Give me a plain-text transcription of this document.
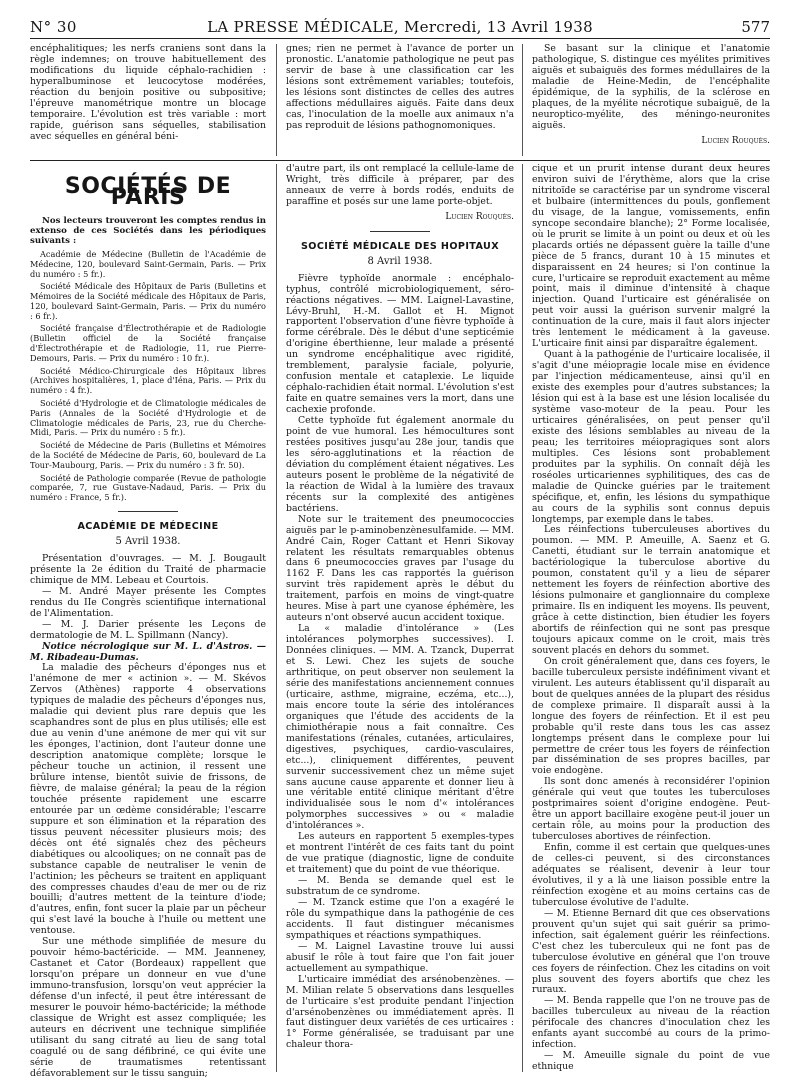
N° 30	LA PRESSE MÉDICALE, Mercredi, 13 Avril 1938	577

encéphalitiques; les nerfs craniens sont dans la règle indemnes; on trouve habituellement des modifications du liquide céphalo-rachidien : hyperalbuminose et leucocytose modérées, réaction du benjoin positive ou subpositive; l'épreuve manométrique montre un blocage temporaire. L'évolution est très variable : mort rapide, guérison sans séquelles, stabilisation avec séquelles en général béni-

gnes; rien ne permet à l'avance de porter un pronostic. L'anatomie pathologique ne peut pas servir de base à une classification car les lésions sont extrêmement variables; toutefois, les lésions sont distinctes de celles des autres affections médullaires aiguës. Faite dans deux cas, l'inoculation de la moelle aux animaux n'a pas reproduit de lésions pathognomoniques.

Se basant sur la clinique et l'anatomie pathologique, S. distingue ces myélites primitives aiguës et subaiguës des formes médullaires de la maladie de Heine-Medin, de l'encéphalite épidémique, de la syphilis, de la sclérose en plaques, de la myélite nécrotique subaiguë, de la neuroptico-myélite, des méningo-neuronites aiguës.

Lucien Rouquès.
SOCIÉTÉS DE PARIS

Nos lecteurs trouveront les comptes rendus in extenso de ces Sociétés dans les périodiques suivants :

Académie de Médecine (Bulletin de l'Académie de Médecine, 120, boulevard Saint-Germain, Paris. — Prix du numéro : 5 fr.).

Société Médicale des Hôpitaux de Paris (Bulletins et Mémoires de la Société médicale des Hôpitaux de Paris, 120, boulevard Saint-Germain, Paris. — Prix du numéro : 6 fr.).

Société française d'Électrothérapie et de Radiologie (Bulletin officiel de la Société française d'Électrothérapie et de Radiologie, 11, rue Pierre-Demours, Paris. — Prix du numéro : 10 fr.).

Société Médico-Chirurgicale des Hôpitaux libres (Archives hospitalières, 1, place d'Iéna, Paris. — Prix du numéro : 4 fr.).

Société d'Hydrologie et de Climatologie médicales de Paris (Annales de la Société d'Hydrologie et de Climatologie médicales de Paris, 23, rue du Cherche-Midi, Paris. — Prix du numéro : 5 fr.).

Société de Médecine de Paris (Bulletins et Mémoires de la Société de Médecine de Paris, 60, boulevard de La Tour-Maubourg, Paris. — Prix du numéro : 3 fr. 50).

Société de Pathologie comparée (Revue de pathologie comparée, 7, rue Gustave-Nadaud, Paris. — Prix du numéro : France, 5 fr.).

ACADÉMIE DE MÉDECINE
5 Avril 1938.

Présentation d'ouvrages. — M. J. Bougault présente la 2e édition du Traité de pharmacie chimique de MM. Lebeau et Courtois.

— M. André Mayer présente les Comptes rendus du IIe Congrès scientifique international de l'Alimentation.

— M. J. Darier présente les Leçons de dermatologie de M. L. Spillmann (Nancy).

Notice nécrologique sur M. L. d'Astros. — M. Ribadeau-Dumas.

La maladie des pêcheurs d'éponges nus et l'anémone de mer « actinion ». — M. Skévos Zervos (Athènes) rapporte 4 observations typiques de maladie des pêcheurs d'éponges nus, maladie qui devient plus rare depuis que les scaphandres sont de plus en plus utilisés; elle est due au venin d'une anémone de mer qui vit sur les éponges, l'actinion, dont l'auteur donne une description anatomique complète; lorsque le pêcheur touche un actinion, il ressent une brûlure intense, bientôt suivie de frissons, de fièvre, de malaise général; la peau de la région touchée présente rapidement une escarre entourée par un œdème considérable; l'escarre suppure et son élimination et la réparation des tissus peuvent nécessiter plusieurs mois; des décès ont été signalés chez des pêcheurs diabétiques ou alcooliques; on ne connaît pas de substance capable de neutraliser le venin de l'actinion; les pêcheurs se traitent en appliquant des compresses chaudes d'eau de mer ou de riz bouilli; d'autres mettent de la teinture d'iode; d'autres, enfin, font sucer la plaie par un pêcheur qui s'est lavé la bouche à l'huile ou mettent une ventouse.

Sur une méthode simplifiée de mesure du pouvoir hémo-bactéricide. — MM. Jeanneney, Castanet et Cator (Bordeaux) rappellent que lorsqu'on prépare un donneur en vue d'une immuno-transfusion, lorsqu'on veut apprécier la défense d'un infecté, il peut être intéressant de mesurer le pouvoir hémo-bactéricide; la méthode classique de Wright est assez compliquée; les auteurs en décrivent une technique simplifiée utilisant du sang citraté au lieu de sang total coagulé ou de sang défibriné, ce qui évite une série de traumatismes retentissant défavorablement sur le tissu sanguin;

d'autre part, ils ont remplacé la cellule-lame de Wright, très difficile à préparer, par des anneaux de verre à bords rodés, enduits de paraffine et posés sur une lame porte-objet.

Lucien Rouquès.
SOCIÉTÉ MÉDICALE DES HOPITAUX
8 Avril 1938.

Fièvre typhoïde anormale : encéphalo-typhus, contrôlé microbiologiquement, séro-réactions négatives. — MM. Laignel-Lavastine, Lévy-Bruhl, H.-M. Gallot et H. Mignot rapportent l'observation d'une fièvre typhoïde à forme cérébrale. Dès le début d'une septicémie d'origine éberthienne, leur malade a présenté un syndrome encéphalitique avec rigidité, tremblement, paralysie faciale, polyurie, confusion mentale et cataplexie. Le liquide céphalo-rachidien était normal. L'évolution s'est faite en quatre semaines vers la mort, dans une cachexie profonde.

Cette typhoïde fut également anormale du point de vue humoral. Les hémocultures sont restées positives jusqu'au 28e jour, tandis que les séro-agglutinations et la réaction de déviation du complément étaient négatives. Les auteurs posent le problème de la négativité de la réaction de Widal à la lumière des travaux récents sur la complexité des antigènes bactériens.

Note sur le traitement des pneumococcies aiguës par le p-aminobenzènesulfamide. — MM. André Cain, Roger Cattant et Henri Sikovay relatent les résultats remarquables obtenus dans 6 pneumococcies graves par l'usage du 1162 F. Dans les cas rapportés la guérison survint très rapidement après le début du traitement, parfois en moins de vingt-quatre heures. Mise à part une cyanose éphémère, les auteurs n'ont observé aucun accident toxique.

La « maladie d'intolérance » (Les intolérances polymorphes successives). I. Données cliniques. — MM. A. Tzanck, Duperrat et S. Lewi. Chez les sujets de souche arthritique, on peut observer non seulement la série des manifestations anciennement connues (urticaire, asthme, migraine, eczéma, etc...), mais encore toute la série des intolérances organiques que l'étude des accidents de la chimiothérapie nous a fait connaître. Ces manifestations (rénales, cutanées, articulaires, digestives, psychiques, cardio-vasculaires, etc...), cliniquement différentes, peuvent survenir successivement chez un même sujet sans aucune cause apparente et donner lieu à une véritable entité clinique méritant d'être individualisée sous le nom d'« intolérances polymorphes successives » ou « maladie d'intolérances ».

Les auteurs en rapportent 5 exemples-types et montrent l'intérêt de ces faits tant du point de vue pratique (diagnostic, ligne de conduite et traitement) que du point de vue théorique.

— M. Benda se demande quel est le substratum de ce syndrome.

— M. Tzanck estime que l'on a exagéré le rôle du sympathique dans la pathogénie de ces accidents. Il faut distinguer mécanismes sympathiques et réactions sympathiques.

— M. Laignel Lavastine trouve lui aussi abusif le rôle à tout faire que l'on fait jouer actuellement au sympathique.

L'urticaire immédiat des arsénobenzènes. — M. Milian relate 5 observations dans lesquelles de l'urticaire s'est produite pendant l'injection d'arsénobenzènes ou immédiatement après. Il faut distinguer deux variétés de ces urticaires : 1° Forme généralisée, se traduisant par une chaleur thora-

cique et un prurit intense durant deux heures environ suivi de l'érythème, alors que la crise nitritoïde se caractérise par un syndrome visceral et bulbaire (intermittences du pouls, gonflement du visage, de la langue, vomissements, enfin syncope secondaire blanche); 2° Forme localisée, où le prurit se limite à un point ou deux et où les placards ortiés ne dépassent guère la taille d'une pièce de 5 francs, durant 10 à 15 minutes et disparaissent en 24 heures; si l'on continue la cure, l'urticaire se reproduit exactement au même point, mais il diminue d'intensité à chaque injection. Quand l'urticaire est généralisée on peut voir aussi la guérison survenir malgré la continuation de la cure, mais il faut alors injecter très lentement le médicament à la gaveuse. L'urticaire finit ainsi par disparaître également.

Quant à la pathogénie de l'urticaire localisée, il s'agit d'une méiopragie locale mise en évidence par l'injection médicamenteuse, ainsi qu'il en existe des exemples pour d'autres substances; la lésion qui est à la base est une lésion localisée du système vaso-moteur de la peau. Pour les urticaires généralisées, on peut penser qu'il existe des lésions semblables au niveau de la peau; les territoires méiopragiques sont alors multiples. Ces lésions sont probablement produites par la syphilis. On connaît déjà les roséoles urticariennes syphilitiques, des cas de maladie de Quincke guéries par le traitement spécifique, et, enfin, les lésions du sympathique au cours de la syphilis sont connus depuis longtemps, par exemple dans le tabes.

Les réinfections tuberculeuses abortives du poumon. — MM. P. Ameuille, A. Saenz et G. Canetti, étudiant sur le terrain anatomique et bactériologique la tuberculose abortive du poumon, constatent qu'il y a lieu de séparer nettement les foyers de réinfection abortive des lésions pulmonaire et ganglionnaire du complexe primaire. Ils en indiquent les moyens. Ils peuvent, grâce à cette distinction, bien étudier les foyers abortifs de réinfection qui ne sont pas presque toujours apicaux comme on le croit, mais très souvent placés en dehors du sommet.

On croit généralement que, dans ces foyers, le bacille tuberculeux persiste indéfiniment vivant et virulent. Les auteurs établissent qu'il disparaît au bout de quelques années de la plupart des résidus de complexe primaire. Il disparaît aussi à la longue des foyers de réinfection. Et il est peu probable qu'il reste dans tous les cas assez longtemps présent dans le complexe pour lui permettre de créer tous les foyers de réinfection par dissémination de ses propres bacilles, par voie endogène.

Ils sont donc amenés à reconsidérer l'opinion générale qui veut que toutes les tuberculoses postprimaires soient d'origine endogène. Peut-être un apport bacillaire exogène peut-il jouer un certain rôle, au moins pour la production des tuberculoses abortives de réinfection.

Enfin, comme il est certain que quelques-unes de celles-ci peuvent, si des circonstances adéquates se réalisent, devenir à leur tour évolutives, il y a là une liaison possible entre la réinfection exogène et au moins certains cas de tuberculose évolutive de l'adulte.

— M. Etienne Bernard dit que ces observations prouvent qu'un sujet qui sait guérir sa primo-infection, sait également guérir les réinfections. C'est chez les tuberculeux qui ne font pas de tuberculose évolutive en général que l'on trouve ces foyers de réinfection. Chez les citadins on voit plus souvent des foyers abortifs que chez les ruraux.

— M. Benda rappelle que l'on ne trouve pas de bacilles tuberculeux au niveau de la réaction périfocale des chancres d'inoculation chez les enfants ayant succombé au cours de la primo-infection.

— M. Ameuille signale du point de vue ethnique
